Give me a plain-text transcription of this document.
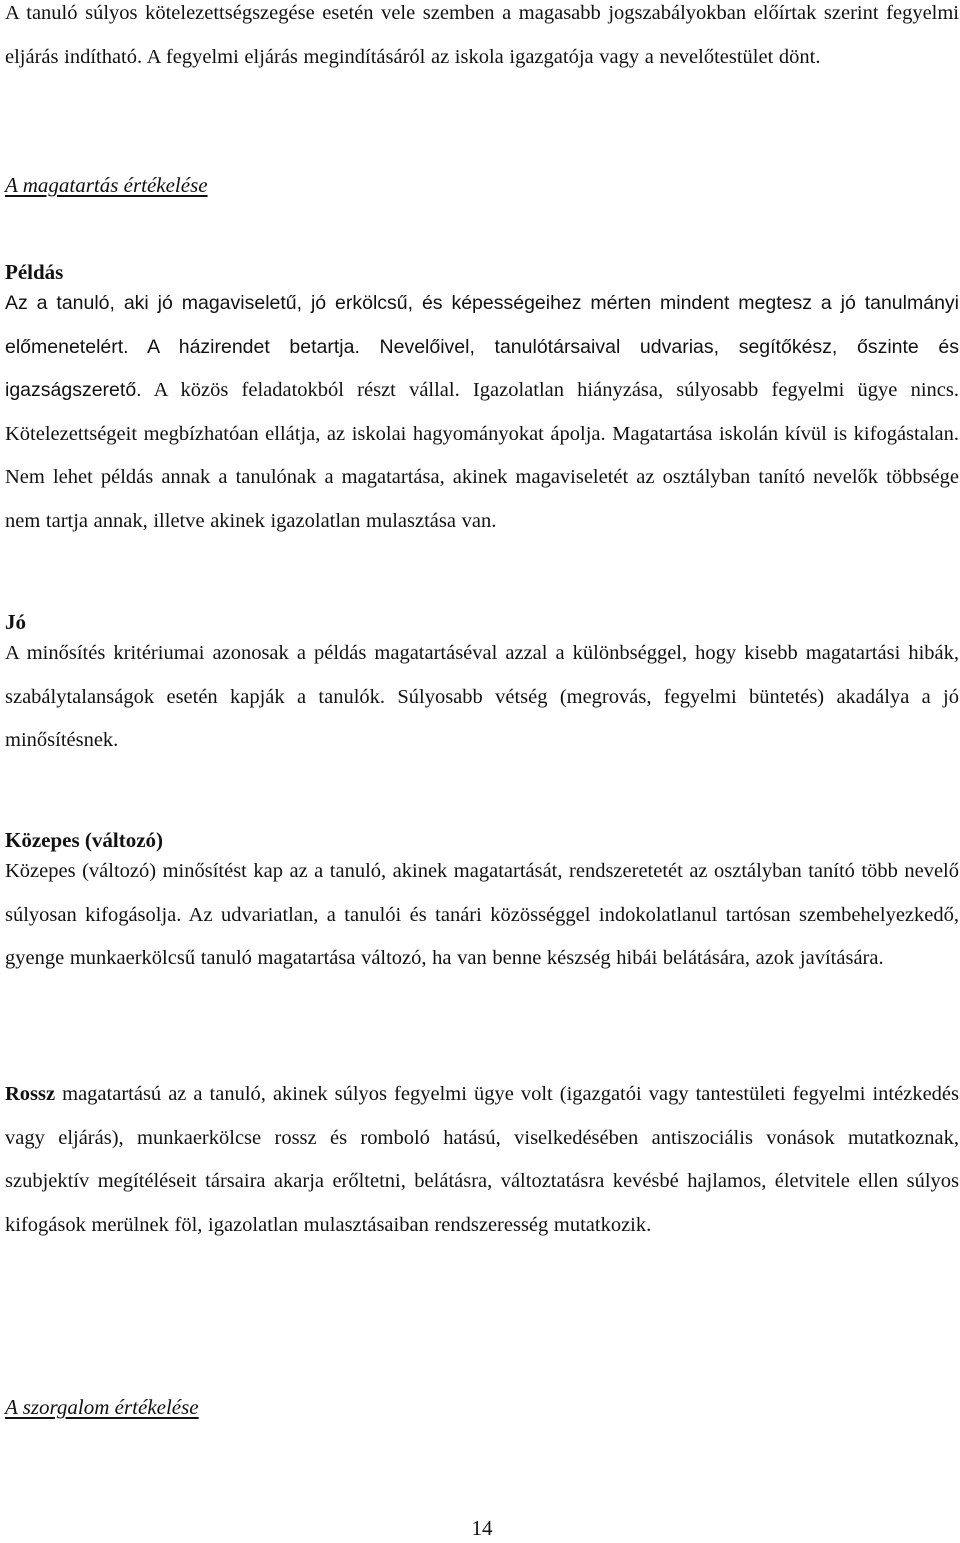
A tanuló súlyos kötelezettségszegése esetén vele szemben a magasabb jogszabályokban előírtak szerint fegyelmi eljárás indítható. A fegyelmi eljárás megindításáról az iskola igazgatója vagy a nevelőtestület dönt.

A magatartás értékelése
Példás

Az a tanuló, aki jó magaviseletű, jó erkölcsű, és képességeihez mérten mindent megtesz a jó tanulmányi előmenetelért. A házirendet betartja. Nevelőivel, tanulótársaival udvarias, segítőkész, őszinte és igazságszerető. A közös feladatokból részt vállal. Igazolatlan hiányzása, súlyosabb fegyelmi ügye nincs. Kötelezettségeit megbízhatóan ellátja, az iskolai hagyományokat ápolja. Magatartása iskolán kívül is kifogástalan. Nem lehet példás annak a tanulónak a magatartása, akinek magaviseletét az osztályban tanító nevelők többsége nem tartja annak, illetve akinek igazolatlan mulasztása van.

Jó

A minősítés kritériumai azonosak a példás magatartáséval azzal a különbséggel, hogy kisebb magatartási hibák, szabálytalanságok esetén kapják a tanulók. Súlyosabb vétség (megrovás, fegyelmi büntetés) akadálya a jó minősítésnek.

Közepes (változó)

Közepes (változó) minősítést kap az a tanuló, akinek magatartását, rendszeretetét az osztályban tanító több nevelő súlyosan kifogásolja. Az udvariatlan, a tanulói és tanári közösséggel indokolatlanul tartósan szembehelyezkedő, gyenge munkaerkölcsű tanuló magatartása változó, ha van benne készség hibái belátására, azok javítására.

Rossz magatartású az a tanuló, akinek súlyos fegyelmi ügye volt (igazgatói vagy tantestületi fegyelmi intézkedés vagy eljárás), munkaerkölcse rossz és romboló hatású, viselkedésében antiszociális vonások mutatkoznak, szubjektív megítéléseit társaira akarja erőltetni, belátásra, változtatásra kevésbé hajlamos, életvitele ellen súlyos kifogások merülnek föl, igazolatlan mulasztásaiban rendszeresség mutatkozik.

A szorgalom értékelése
14
